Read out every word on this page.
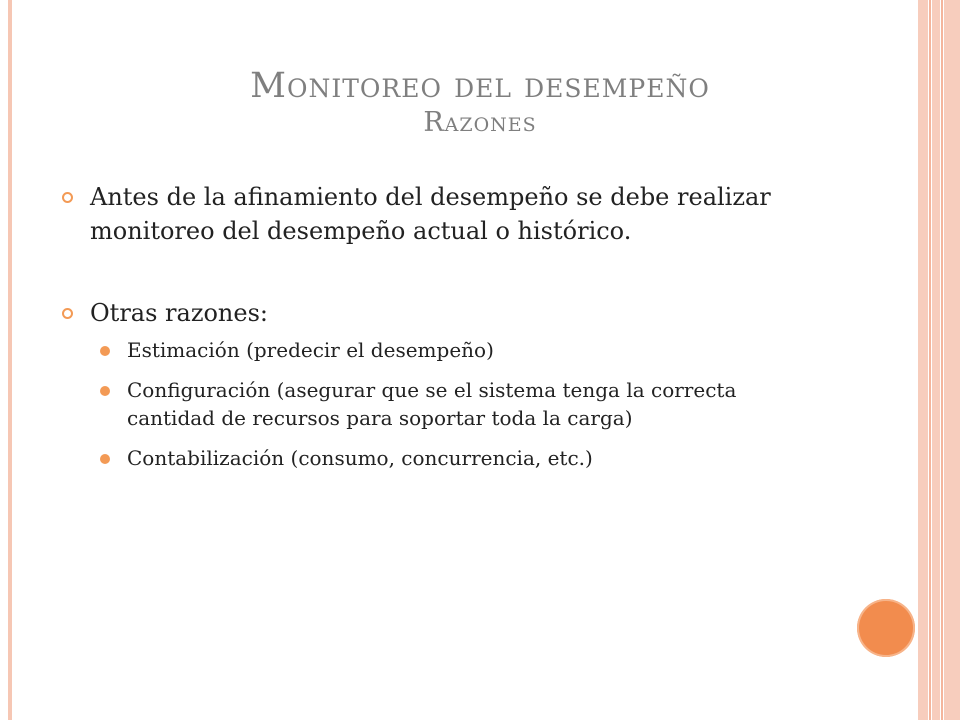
Monitoreo del desempeño
Razones
Antes de la afinamiento del desempeño se debe realizar monitoreo del desempeño actual o histórico.
Otras razones:
Estimación (predecir el desempeño)
Configuración (asegurar que se el sistema tenga la correcta cantidad de recursos para soportar toda la carga)
Contabilización (consumo, concurrencia, etc.)
